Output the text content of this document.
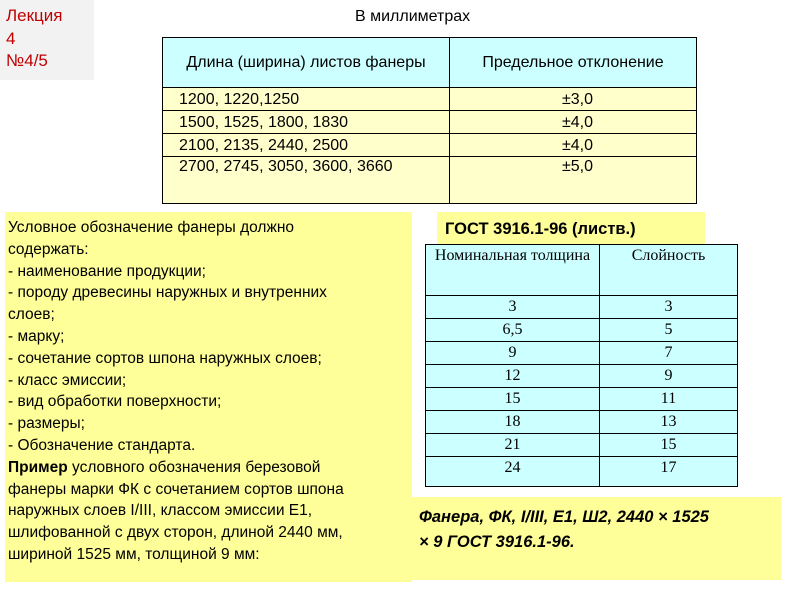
Лекция
4
№4/5
В миллиметрах
Длина (ширина) листов фанеры	Предельное отклонение
1200, 1220,1250	±3,0
1500, 1525, 1800, 1830	±4,0
2100, 2135, 2440, 2500	±4,0
2700, 2745, 3050, 3600, 3660	±5,0
Условное обозначение фанеры должно
содержать:
- наименование продукции;
- породу древесины наружных и внутренних
слоев;
- марку;
- сочетание сортов шпона наружных слоев;
- класс эмиссии;
- вид обработки поверхности;
- размеры;
- Обозначение стандарта.
Пример условного обозначения березовой
фанеры марки ФК с сочетанием сортов шпона
наружных слоев I/III, классом эмиссии Е1,
шлифованной с двух сторон, длиной 2440 мм,
шириной 1525 мм, толщиной 9 мм:
ГОСТ 3916.1-96 (листв.)
Номинальная толщина	Слойность
3	3
6,5	5
9	7
12	9
15	11
18	13
21	15
24	17
Фанера, ФК, I/III, Е1, Ш2, 2440 × 1525
× 9 ГОСТ 3916.1-96.
